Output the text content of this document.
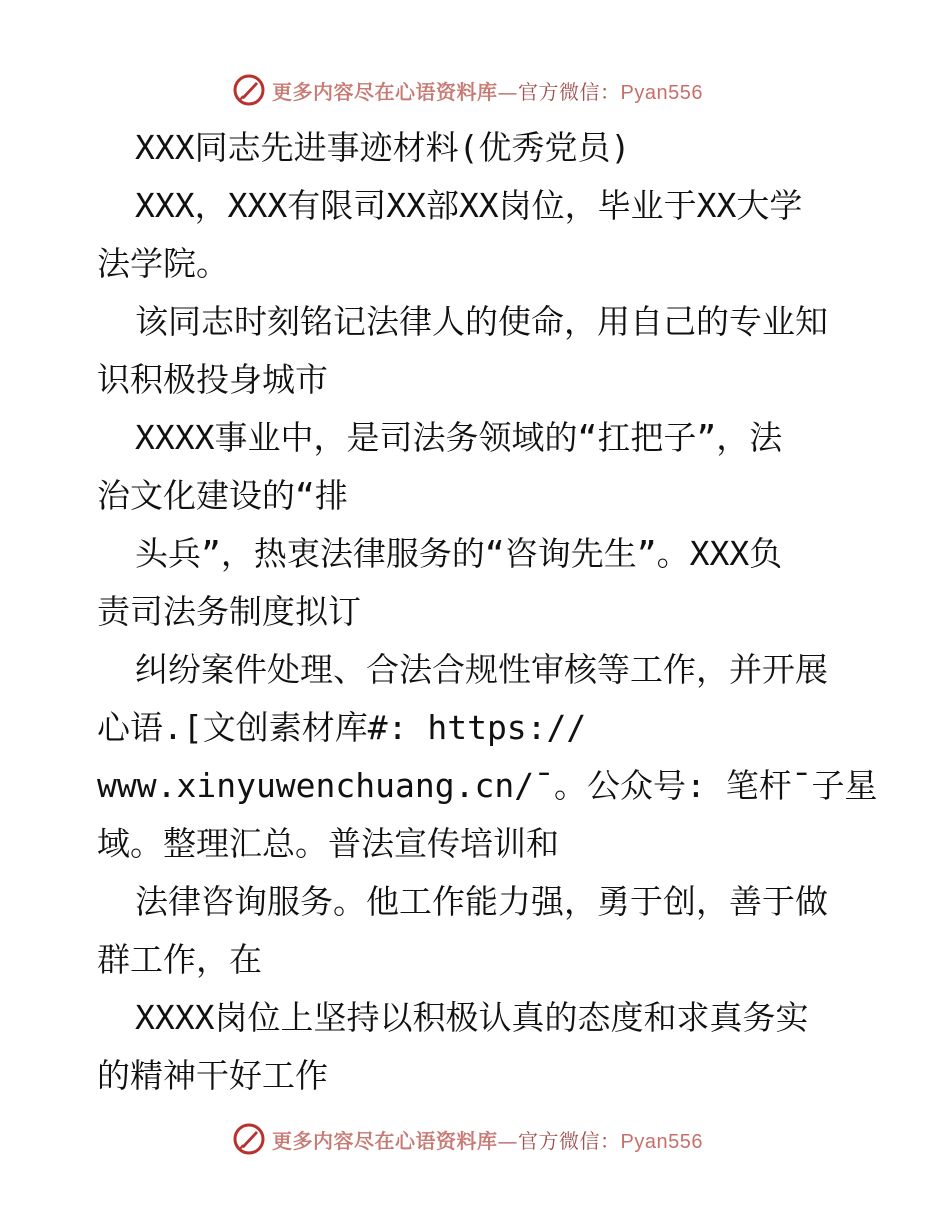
更多内容尽在心语资料库—官方微信：Pyan556
XXX同志先进事迹材料(优秀党员)
XXX，XXX有限司XX部XX岗位，毕业于XX大学
法学院。
该同志时刻铭记法律人的使命，用自己的专业知
识积极投身城市
XXXX事业中，是司法务领域的“扛把子”，法
治文化建设的“排
头兵”，热衷法律服务的“咨询先生”。XXX负
责司法务制度拟订
纠纷案件处理、合法合规性审核等工作，并开展
心语.[文创素材库#: https://
www.xinyuwenchuang.cn/¯。公众号: 笔杆¯子星
域。整理汇总。普法宣传培训和
法律咨询服务。他工作能力强，勇于创，善于做
群工作，在
XXXX岗位上坚持以积极认真的态度和求真务实
的精神干好工作
更多内容尽在心语资料库—官方微信：Pyan556
